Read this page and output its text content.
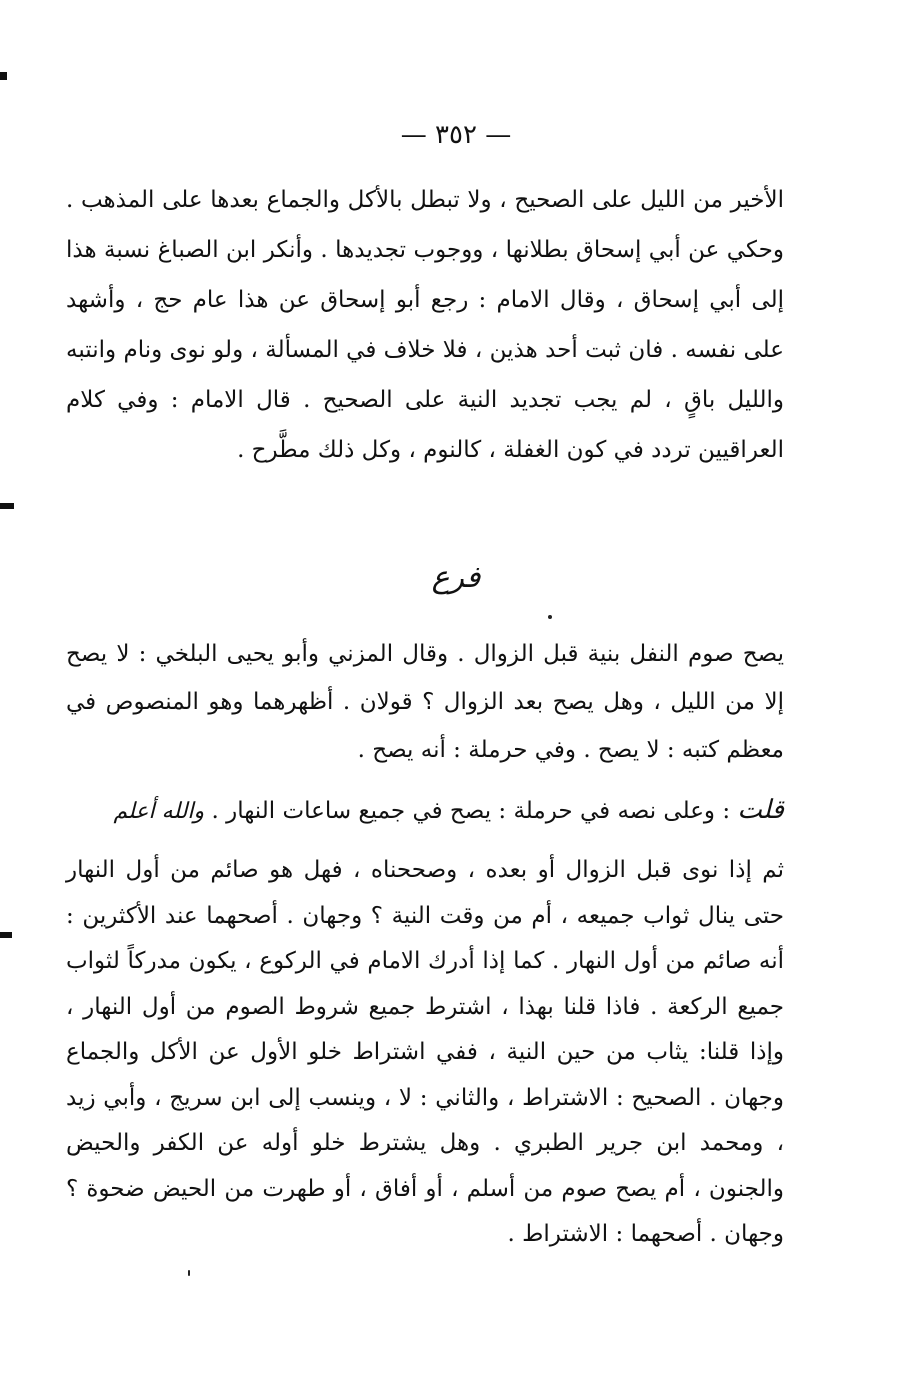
— ٣٥٢ —

الأخير من الليل على الصحيح ، ولا تبطل بالأكل والجماع بعدها على المذهب . وحكي عن أبي إسحاق بطلانها ، ووجوب تجديدها . وأنكر ابن الصباغ نسبة هذا إلى أبي إسحاق ، وقال الامام : رجع أبو إسحاق عن هذا عام حج ، وأشهد على نفسه . فان ثبت أحد هذين ، فلا خلاف في المسألة ، ولو نوى ونام وانتبه والليل باقٍ ، لم يجب تجديد النية على الصحيح . قال الامام : وفي كلام العراقيين تردد في كون الغفلة ، كالنوم ، وكل ذلك مطَّرح .

فرع

يصح صوم النفل بنية قبل الزوال . وقال المزني وأبو يحيى البلخي : لا يصح إلا من الليل ، وهل يصح بعد الزوال ؟ قولان . أظهرهما وهو المنصوص في معظم كتبه : لا يصح . وفي حرملة : أنه يصح .

قلت : وعلى نصه في حرملة : يصح في جميع ساعات النهار . والله أعلم

ثم إذا نوى قبل الزوال أو بعده ، وصححناه ، فهل هو صائم من أول النهار حتى ينال ثواب جميعه ، أم من وقت النية ؟ وجهان . أصحهما عند الأكثرين : أنه صائم من أول النهار . كما إذا أدرك الامام في الركوع ، يكون مدركاً لثواب جميع الركعة . فاذا قلنا بهذا ، اشترط جميع شروط الصوم من أول النهار ، وإذا قلنا: يثاب من حين النية ، ففي اشتراط خلو الأول عن الأكل والجماع وجهان . الصحيح : الاشتراط ، والثاني : لا ، وينسب إلى ابن سريج ، وأبي زيد ، ومحمد ابن جرير الطبري . وهل يشترط خلو أوله عن الكفر والحيض والجنون ، أم يصح صوم من أسلم ، أو أفاق ، أو طهرت من الحيض ضحوة ؟ وجهان . أصحهما : الاشتراط .
